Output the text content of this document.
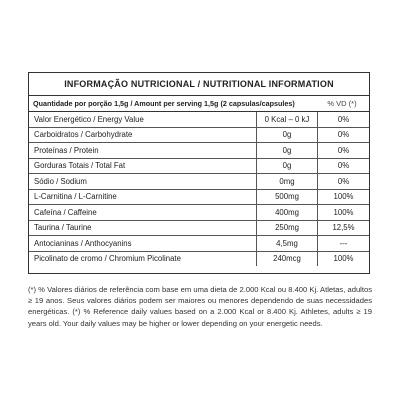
INFORMAÇÃO NUTRICIONAL / NUTRITIONAL INFORMATION
Quantidade por porção 1,5g / Amount per serving 1,5g (2 capsulas/capsules)	% VD (*)
Valor Energético / Energy Value	0 Kcal – 0 kJ	0%
Carboidratos / Carbohydrate	0g	0%
Proteínas / Protein	0g	0%
Gorduras Totais / Total Fat	0g	0%
Sódio / Sodium	0mg	0%
L-Carnitina / L-Carnitine	500mg	100%
Cafeína / Caffeine	400mg	100%
Taurina / Taurine	250mg	12,5%
Antocianinas / Anthocyanins	4,5mg	---
Picolinato de cromo / Chromium Picolinate	240mcg	100%

(*) % Valores diários de referência com base em uma dieta de 2.000 Kcal ou 8.400 Kj. Atletas, adultos ≥ 19 anos. Seus valores diários podem ser maiores ou menores dependendo de suas necessidades energéticas. (*) % Reference daily values based on a 2.000 Kcal or 8.400 Kj. Athletes, adults ≥ 19 years old. Your daily values may be higher or lower depending on your energetic needs.
